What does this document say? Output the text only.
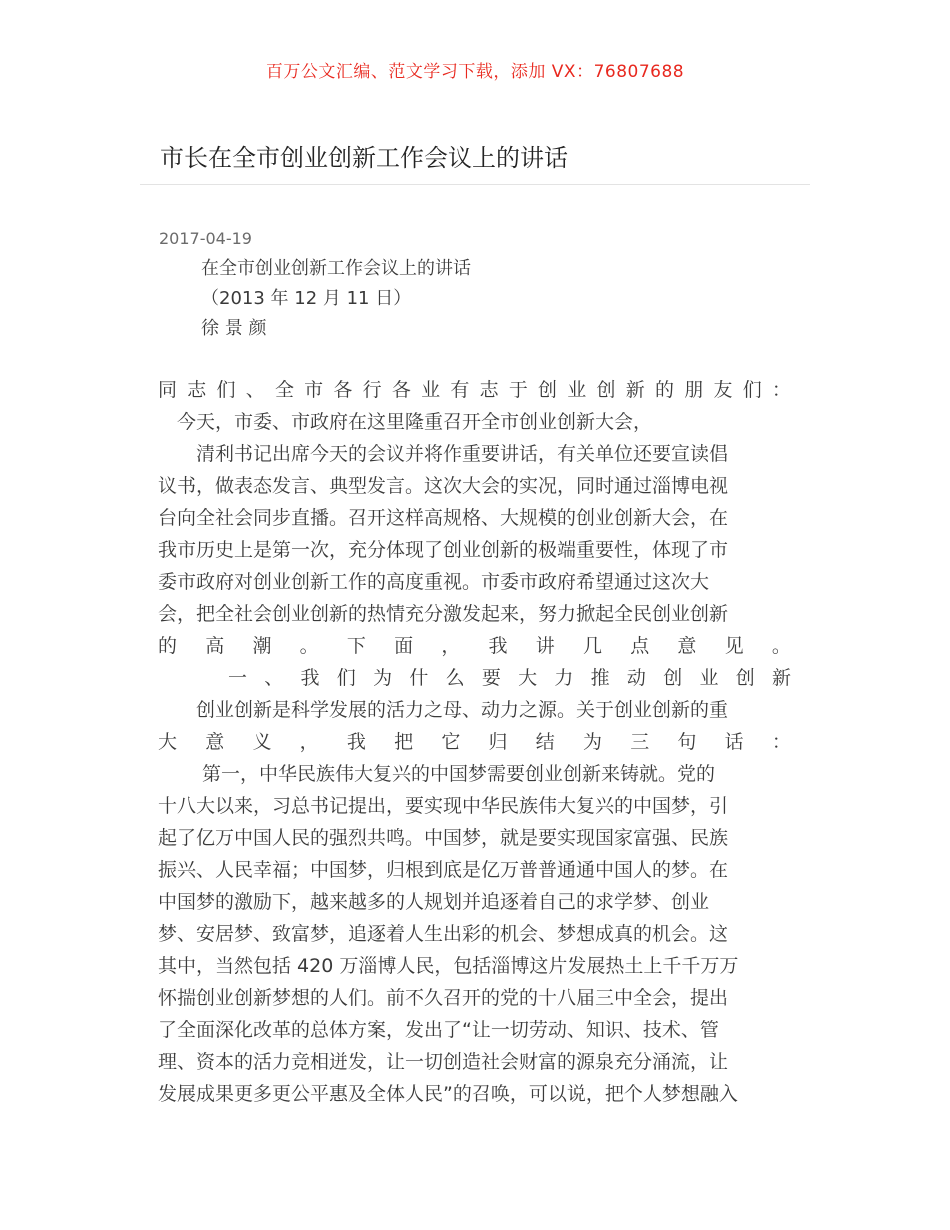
百万公文汇编、范文学习下载，添加 VX：76807688
市长在全市创业创新工作会议上的讲话
2017-04-19
在全市创业创新工作会议上的讲话
（2013 年 12 月 11 日）
徐 景 颜
同 志 们 、 全 市 各 行 各 业 有 志 于 创 业 创 新 的 朋 友 们 ：
　今天，市委、市政府在这里隆重召开全市创业创新大会，
　　清利书记出席今天的会议并将作重要讲话，有关单位还要宣读倡
议书，做表态发言、典型发言。这次大会的实况，同时通过淄博电视
台向全社会同步直播。召开这样高规格、大规模的创业创新大会，在
我市历史上是第一次，充分体现了创业创新的极端重要性，体现了市
委市政府对创业创新工作的高度重视。市委市政府希望通过这次大
会，把全社会创业创新的热情充分激发起来，努力掀起全民创业创新
的 高 潮 。 下 面 ， 我 讲 几 点 意 见 。
一 、 我 们 为 什 么 要 大 力 推 动 创 业 创 新
　　创业创新是科学发展的活力之母、动力之源。关于创业创新的重
大 意 义 ， 我 把 它 归 结 为 三 句 话 ：
　　 第一，中华民族伟大复兴的中国梦需要创业创新来铸就。党的
十八大以来，习总书记提出，要实现中华民族伟大复兴的中国梦，引
起了亿万中国人民的强烈共鸣。中国梦，就是要实现国家富强、民族
振兴、人民幸福；中国梦，归根到底是亿万普普通通中国人的梦。在
中国梦的激励下，越来越多的人规划并追逐着自己的求学梦、创业
梦、安居梦、致富梦，追逐着人生出彩的机会、梦想成真的机会。这
其中，当然包括 420 万淄博人民，包括淄博这片发展热土上千千万万
怀揣创业创新梦想的人们。前不久召开的党的十八届三中全会，提出
了全面深化改革的总体方案，发出了“让一切劳动、知识、技术、管
理、资本的活力竞相迸发，让一切创造社会财富的源泉充分涌流，让
发展成果更多更公平惠及全体人民”的召唤，可以说，把个人梦想融入
